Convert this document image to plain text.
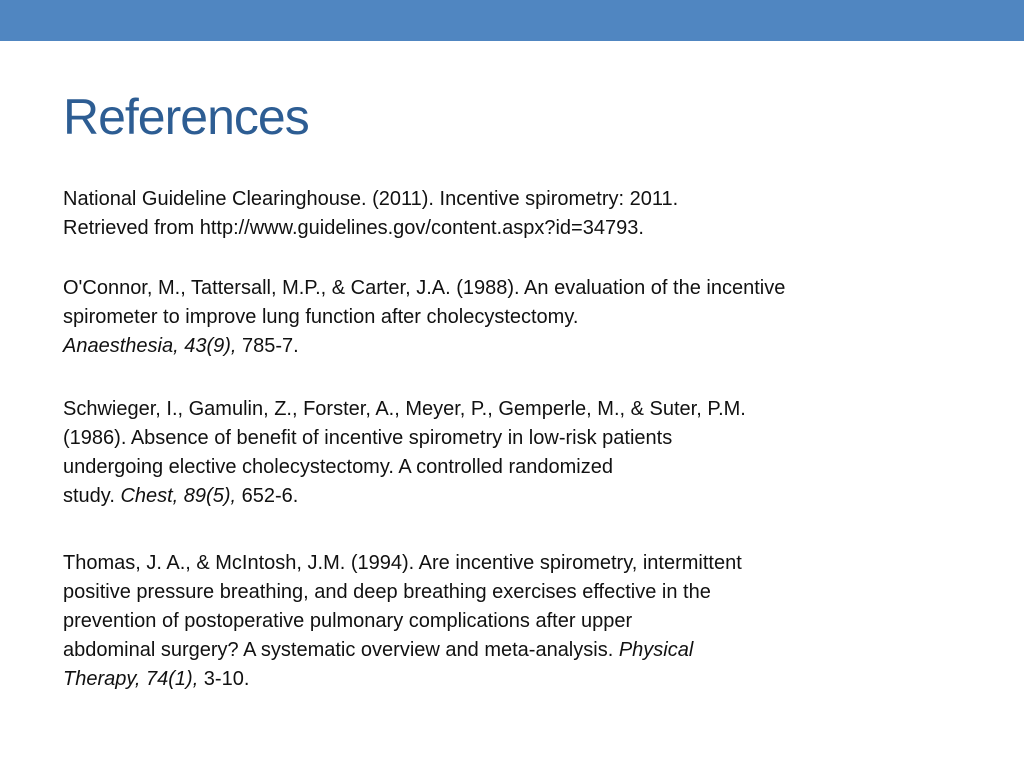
References
National Guideline Clearinghouse. (2011). Incentive spirometry: 2011.
Retrieved from http://www.guidelines.gov/content.aspx?id=34793.
O'Connor, M., Tattersall, M.P., & Carter, J.A. (1988). An evaluation of the incentive
spirometer to improve lung function after cholecystectomy.
Anaesthesia, 43(9), 785-7.
Schwieger, I., Gamulin, Z., Forster, A., Meyer, P., Gemperle, M., & Suter, P.M.
(1986). Absence of benefit of incentive spirometry in low-risk patients
undergoing elective cholecystectomy. A controlled randomized
study. Chest, 89(5), 652-6.
Thomas, J. A., & McIntosh, J.M. (1994). Are incentive spirometry, intermittent
positive pressure breathing, and deep breathing exercises effective in the
prevention of postoperative pulmonary complications after upper
abdominal surgery? A systematic overview and meta-analysis. Physical
Therapy, 74(1), 3-10.
